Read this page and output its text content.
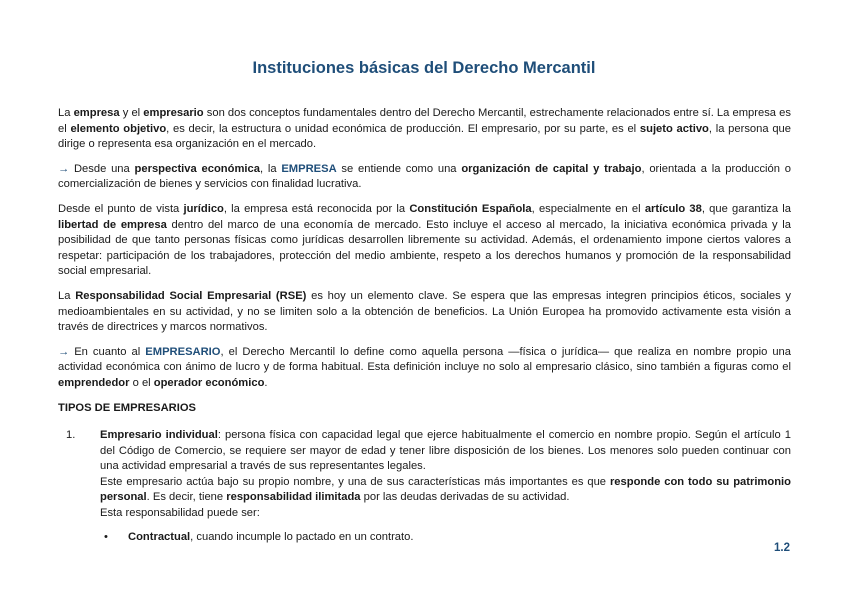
Instituciones básicas del Derecho Mercantil

La empresa y el empresario son dos conceptos fundamentales dentro del Derecho Mercantil, estrechamente relacionados entre sí. La empresa es el elemento objetivo, es decir, la estructura o unidad económica de producción. El empresario, por su parte, es el sujeto activo, la persona que dirige o representa esa organización en el mercado.

→ Desde una perspectiva económica, la EMPRESA se entiende como una organización de capital y trabajo, orientada a la producción o comercialización de bienes y servicios con finalidad lucrativa.

Desde el punto de vista jurídico, la empresa está reconocida por la Constitución Española, especialmente en el artículo 38, que garantiza la libertad de empresa dentro del marco de una economía de mercado. Esto incluye el acceso al mercado, la iniciativa económica privada y la posibilidad de que tanto personas físicas como jurídicas desarrollen libremente su actividad. Además, el ordenamiento impone ciertos valores a respetar: participación de los trabajadores, protección del medio ambiente, respeto a los derechos humanos y promoción de la responsabilidad social empresarial.

La Responsabilidad Social Empresarial (RSE) es hoy un elemento clave. Se espera que las empresas integren principios éticos, sociales y medioambientales en su actividad, y no se limiten solo a la obtención de beneficios. La Unión Europea ha promovido activamente esta visión a través de directrices y marcos normativos.

→ En cuanto al EMPRESARIO, el Derecho Mercantil lo define como aquella persona —física o jurídica— que realiza en nombre propio una actividad económica con ánimo de lucro y de forma habitual. Esta definición incluye no solo al empresario clásico, sino también a figuras como el emprendedor o el operador económico.

TIPOS DE EMPRESARIOS
1.	Empresario individual: persona física con capacidad legal que ejerce habitualmente el comercio en nombre propio. Según el artículo 1 del Código de Comercio, se requiere ser mayor de edad y tener libre disposición de los bienes. Los menores solo pueden continuar con una actividad empresarial a través de sus representantes legales.
Este empresario actúa bajo su propio nombre, y una de sus características más importantes es que responde con todo su patrimonio personal. Es decir, tiene responsabilidad ilimitada por las deudas derivadas de su actividad.
Esta responsabilidad puede ser:
•	Contractual, cuando incumple lo pactado en un contrato.
1.2
